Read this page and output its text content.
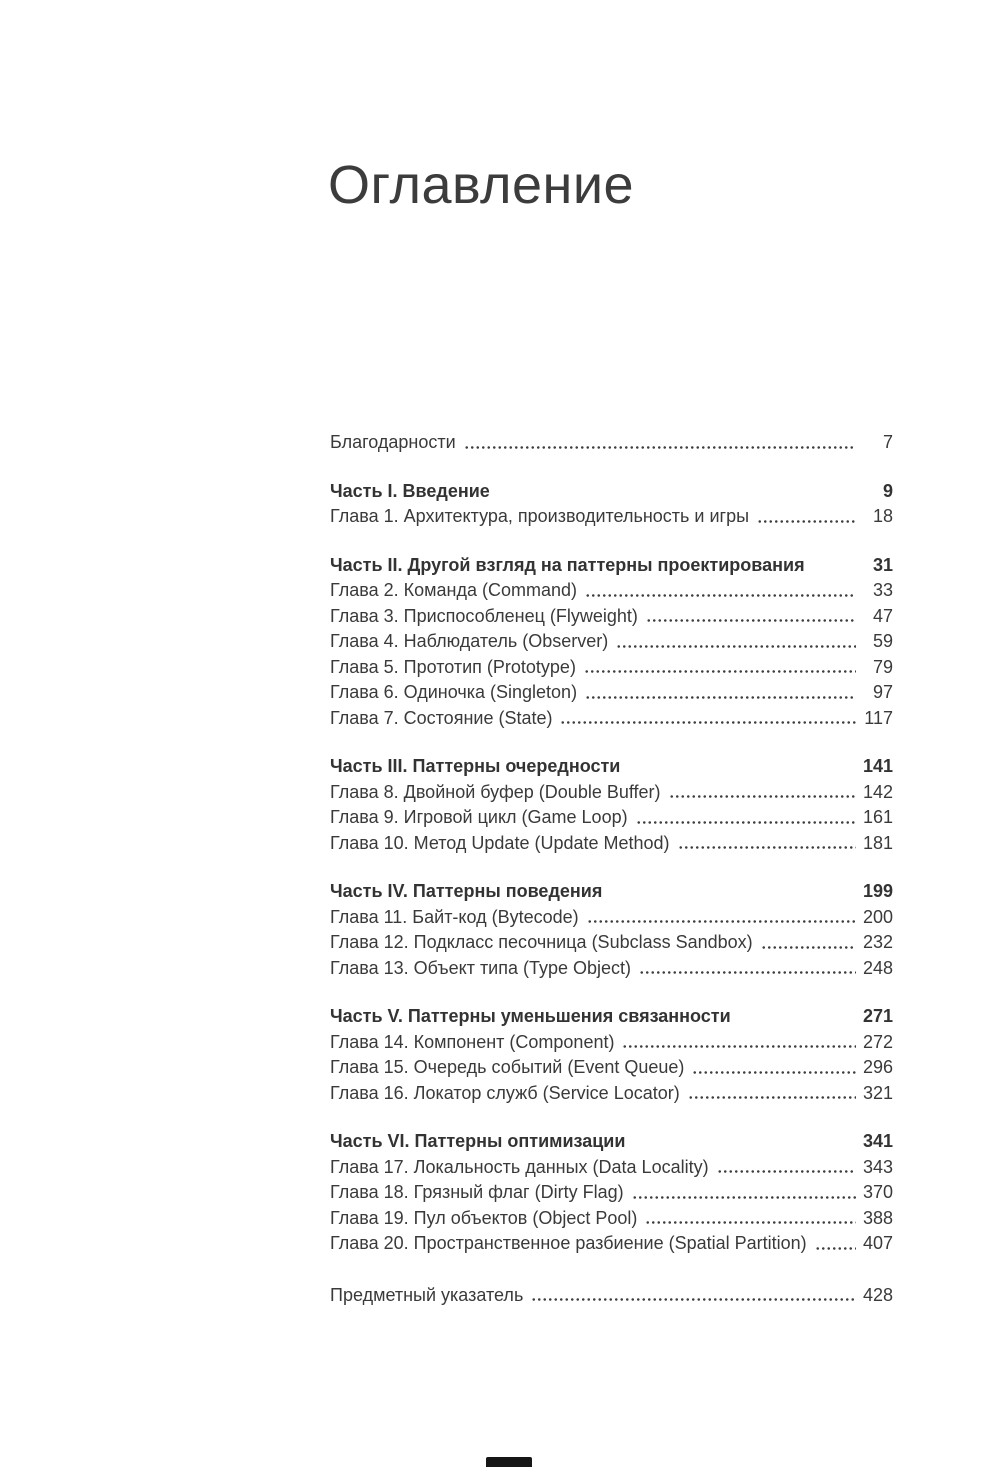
Оглавление
Благодарности	7
Часть I. Введение	9
Глава 1. Архитектура, производительность и игры	18
Часть II. Другой взгляд на паттерны проектирования	31
Глава 2. Команда (Command)	33
Глава 3. Приспособленец (Flyweight)	47
Глава 4. Наблюдатель (Observer)	59
Глава 5. Прототип (Prototype)	79
Глава 6. Одиночка (Singleton)	97
Глава 7. Состояние (State)	117
Часть III. Паттерны очередности	141
Глава 8. Двойной буфер (Double Buffer)	142
Глава 9. Игровой цикл (Game Loop)	161
Глава 10. Метод Update (Update Method)	181
Часть IV. Паттерны поведения	199
Глава 11. Байт-код (Bytecode)	200
Глава 12. Подкласс песочница (Subclass Sandbox)	232
Глава 13. Объект типа (Type Object)	248
Часть V. Паттерны уменьшения связанности	271
Глава 14. Компонент (Component)	272
Глава 15. Очередь событий (Event Queue)	296
Глава 16. Локатор служб (Service Locator)	321
Часть VI. Паттерны оптимизации	341
Глава 17. Локальность данных (Data Locality)	343
Глава 18. Грязный флаг (Dirty Flag)	370
Глава 19. Пул объектов (Object Pool)	388
Глава 20. Пространственное разбиение (Spatial Partition)	407
Предметный указатель	428
